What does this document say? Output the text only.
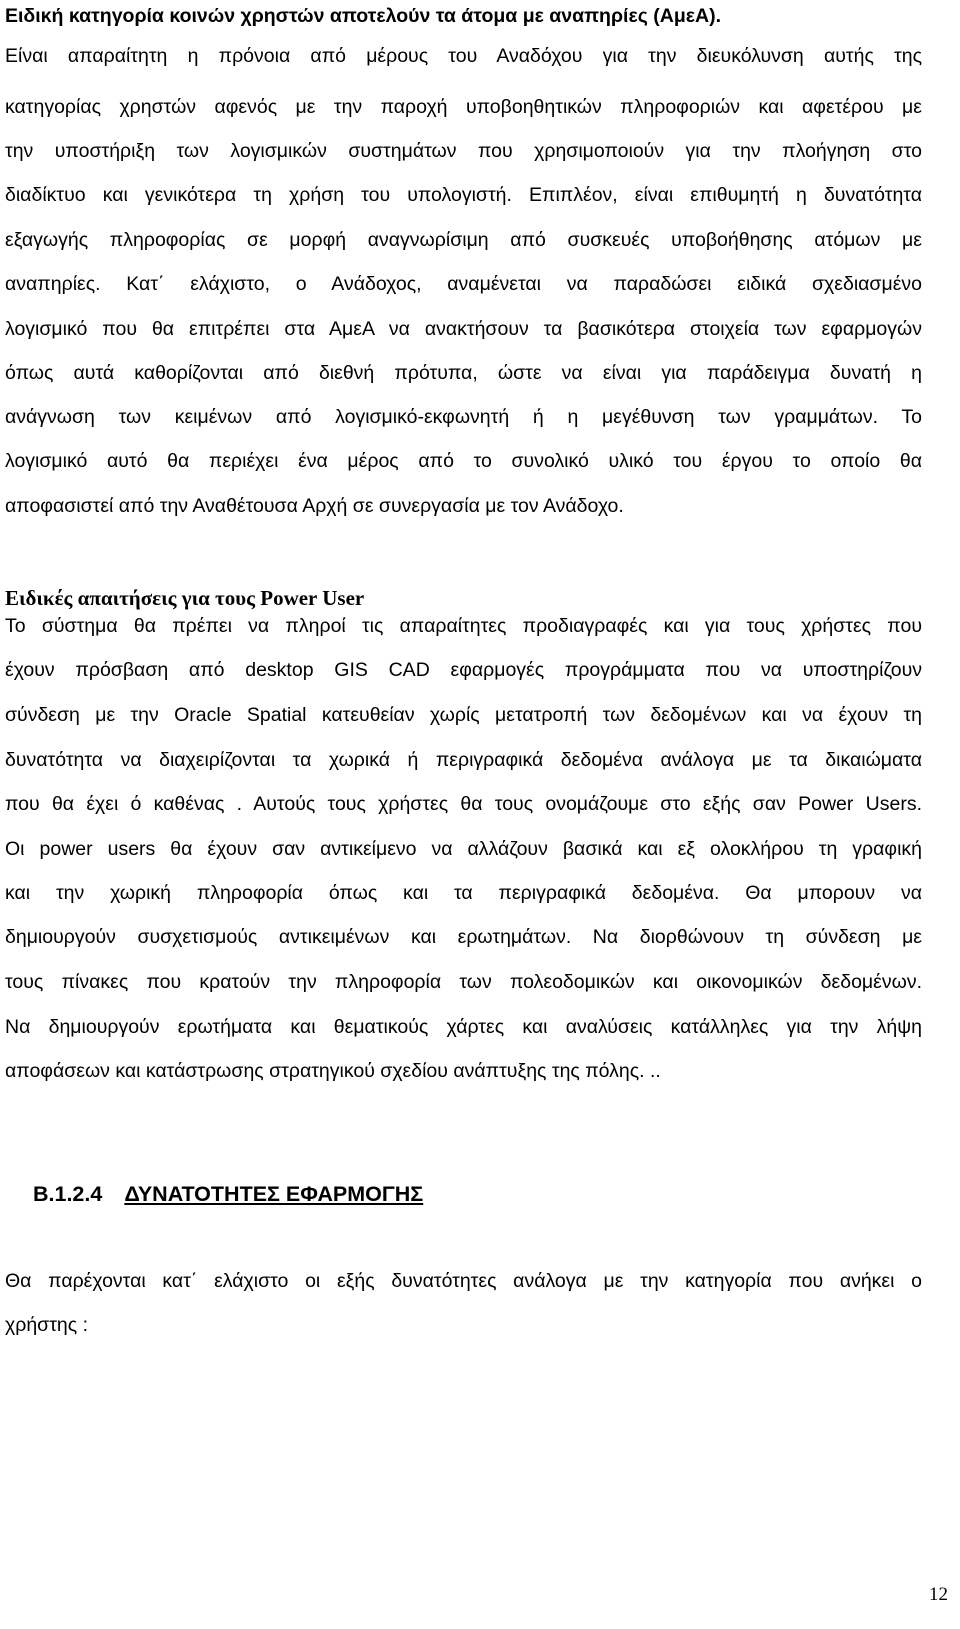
Ειδική κατηγορία κοινών χρηστών αποτελούν τα άτομα με αναπηρίες (ΑμεΑ).
Είναι απαραίτητη η πρόνοια από μέρους του Αναδόχου για την διευκόλυνση αυτής της
κατηγορίας χρηστών αφενός με την παροχή υποβοηθητικών πληροφοριών και αφετέρου με
την υποστήριξη των λογισμικών συστημάτων που χρησιμοποιούν για την πλοήγηση στο
διαδίκτυο και γενικότερα τη χρήση του υπολογιστή. Επιπλέον, είναι επιθυμητή η δυνατότητα
εξαγωγής πληροφορίας σε μορφή αναγνωρίσιμη από συσκευές υποβοήθησης ατόμων με
αναπηρίες. Κατ΄ ελάχιστο, ο Ανάδοχος, αναμένεται να παραδώσει ειδικά σχεδιασμένο
λογισμικό που θα επιτρέπει στα ΑμεΑ να ανακτήσουν τα βασικότερα στοιχεία των εφαρμογών
όπως αυτά καθορίζονται από διεθνή πρότυπα, ώστε να είναι για παράδειγμα δυνατή η
ανάγνωση των κειμένων από λογισμικό-εκφωνητή ή η μεγέθυνση των γραμμάτων. Το
λογισμικό αυτό θα περιέχει ένα μέρος από το συνολικό υλικό του έργου το οποίο θα
αποφασιστεί από την Αναθέτουσα Αρχή σε συνεργασία με τον Ανάδοχο.
Ειδικές απαιτήσεις για τους Power User
Το σύστημα θα πρέπει να πληροί τις απαραίτητες προδιαγραφές και για τους χρήστες που
έχουν πρόσβαση από desktop GIS CAD εφαρμογές προγράμματα που να υποστηρίζουν
σύνδεση με την Oracle Spatial κατευθείαν χωρίς μετατροπή των δεδομένων και να έχουν τη
δυνατότητα να διαχειρίζονται τα χωρικά ή περιγραφικά δεδομένα ανάλογα με τα δικαιώματα
που θα έχει ό καθένας . Αυτούς τους χρήστες θα τους ονομάζουμε στο εξής σαν Power Users.
Οι power users θα έχουν σαν αντικείμενο να αλλάζουν βασικά και εξ ολοκλήρου τη γραφική
και την χωρική πληροφορία όπως και τα περιγραφικά δεδομένα. Θα μπορουν να
δημιουργούν συσχετισμούς αντικειμένων και ερωτημάτων. Να διορθώνουν τη σύνδεση με
τους πίνακες που κρατούν την πληροφορία των πολεοδομικών και οικονομικών δεδομένων.
Να δημιουργούν ερωτήματα και θεματικούς χάρτες και αναλύσεις κατάλληλες για την λήψη
αποφάσεων και κατάστρωσης στρατηγικού σχεδίου ανάπτυξης της πόλης. ..
Β.1.2.4 ΔΥΝΑΤΟΤΗΤΕΣ ΕΦΑΡΜΟΓΗΣ
Θα παρέχονται κατ΄ ελάχιστο οι εξής δυνατότητες ανάλογα με την κατηγορία που ανήκει ο
χρήστης :
12
